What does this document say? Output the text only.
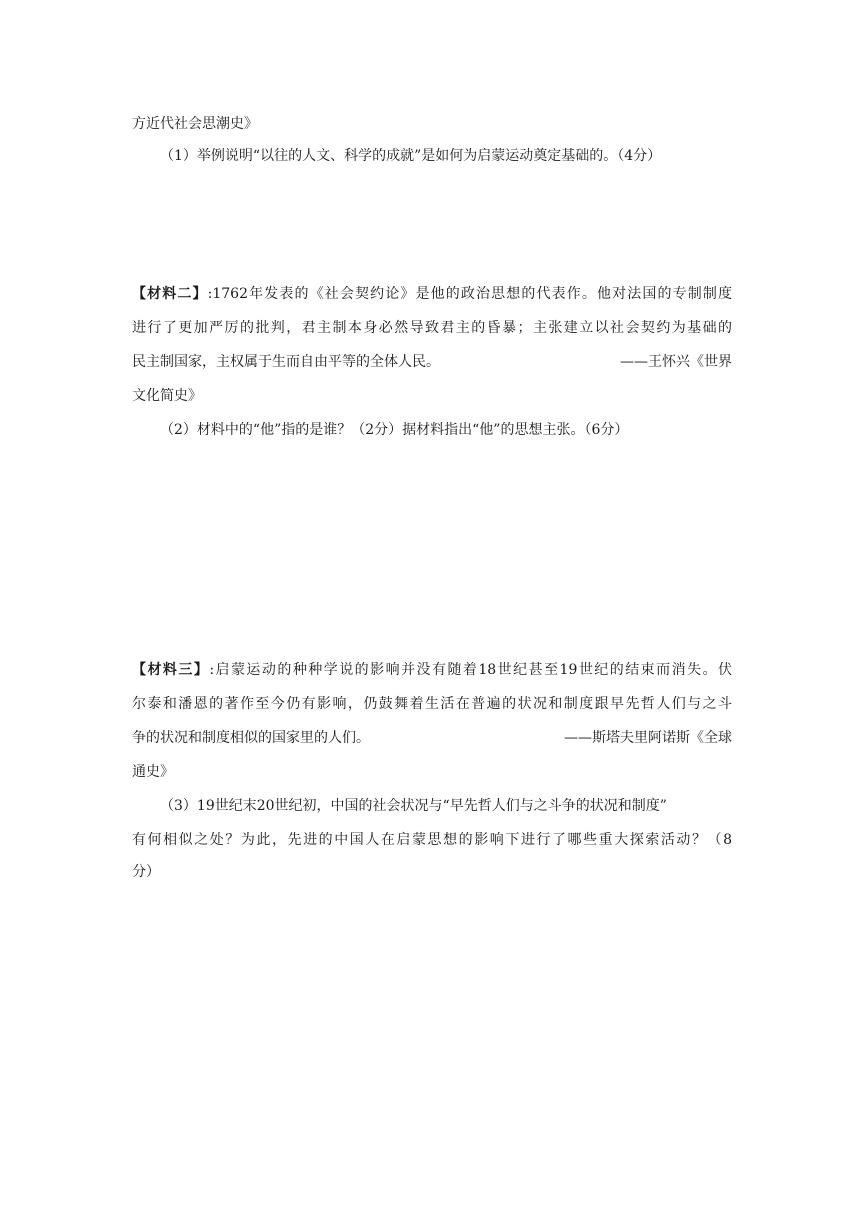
方近代社会思潮史》
（1）举例说明“以往的人文、科学的成就”是如何为启蒙运动奠定基础的。（4分）
【材料二】:1762年发表的《社会契约论》是他的政治思想的代表作。他对法国的专制制度
进行了更加严厉的批判，君主制本身必然导致君主的昏暴；主张建立以社会契约为基础的
民主制国家，主权属于生而自由平等的全体人民。	——王怀兴《世界
文化简史》
（2）材料中的“他”指的是谁？（2分）据材料指出“他”的思想主张。（6分）
【材料三】:启蒙运动的种种学说的影响并没有随着18世纪甚至19世纪的结束而消失。伏
尔泰和潘恩的著作至今仍有影响，仍鼓舞着生活在普遍的状况和制度跟早先哲人们与之斗
争的状况和制度相似的国家里的人们。	——斯塔夫里阿诺斯《全球
通史》
（3）19世纪末20世纪初，中国的社会状况与“早先哲人们与之斗争的状况和制度”
有何相似之处？为此，先进的中国人在启蒙思想的影响下进行了哪些重大探索活动？（8
分）
